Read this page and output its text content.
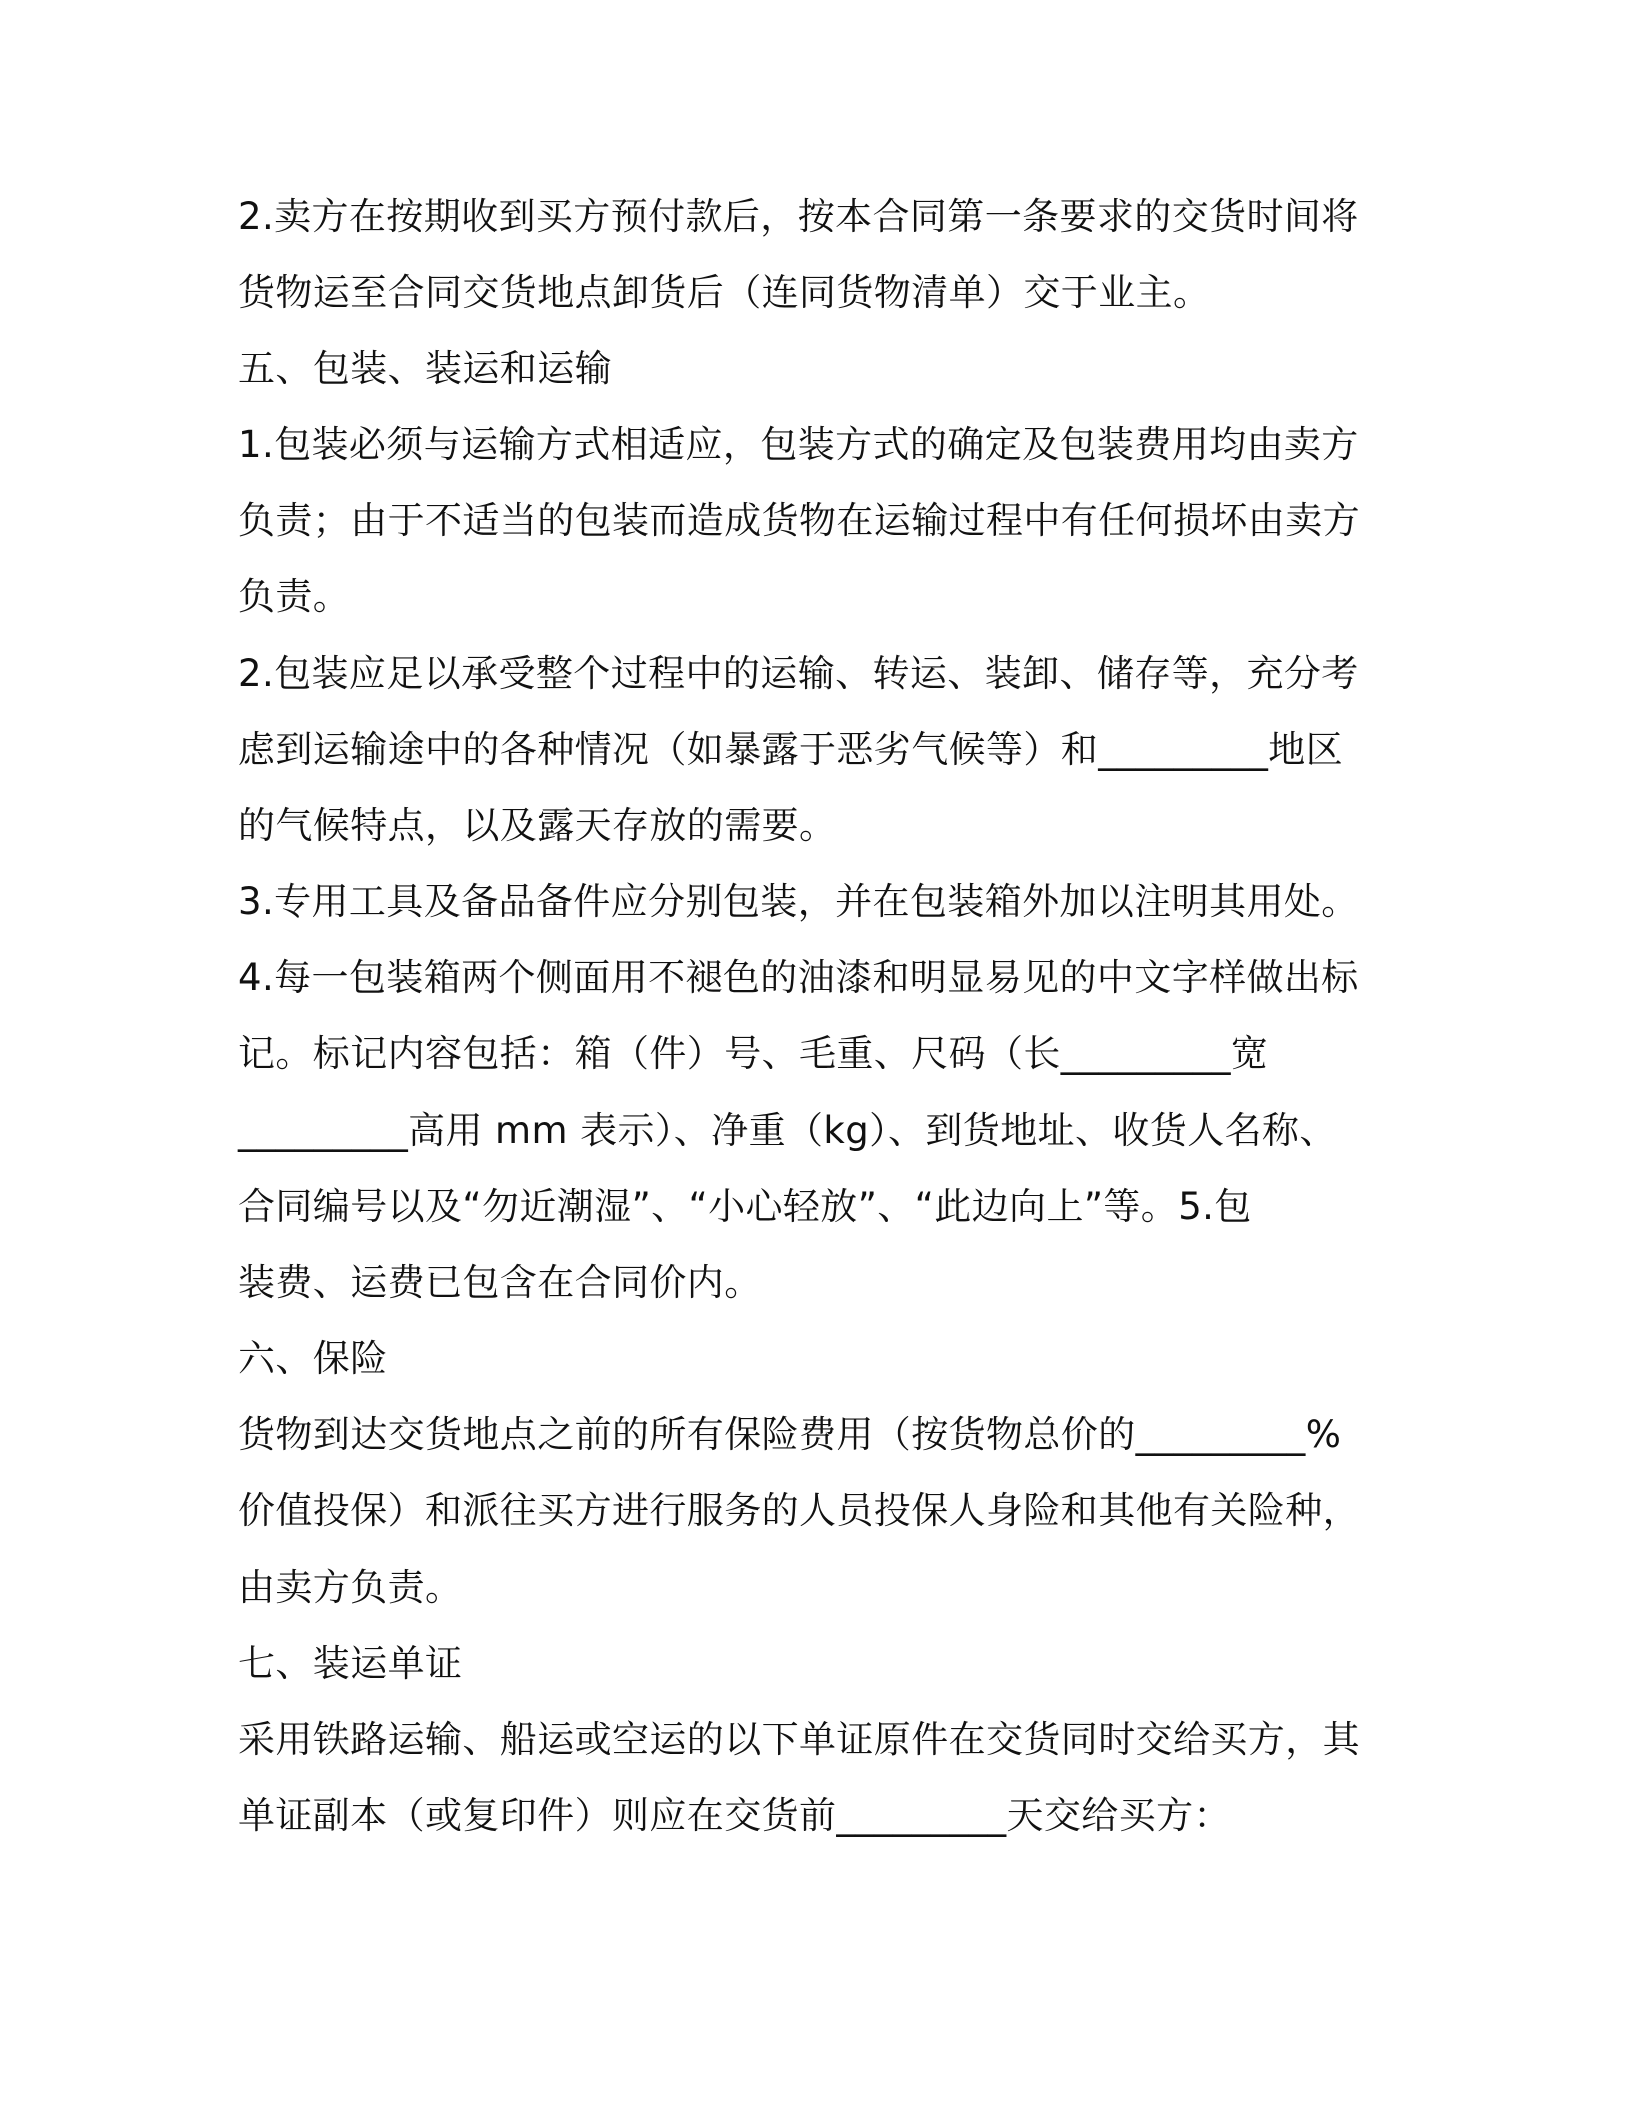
2.卖方在按期收到买方预付款后，按本合同第一条要求的交货时间将
货物运至合同交货地点卸货后（连同货物清单）交于业主。
五、包装、装运和运输
1.包装必须与运输方式相适应，包装方式的确定及包装费用均由卖方
负责；由于不适当的包装而造成货物在运输过程中有任何损坏由卖方
负责。
2.包装应足以承受整个过程中的运输、转运、装卸、储存等，充分考
虑到运输途中的各种情况（如暴露于恶劣气候等）和_________地区
的气候特点，以及露天存放的需要。
3.专用工具及备品备件应分别包装，并在包装箱外加以注明其用处。
4.每一包装箱两个侧面用不褪色的油漆和明显易见的中文字样做出标
记。标记内容包括：箱（件）号、毛重、尺码（长_________宽
_________高用 mm 表示）、净重（kg）、到货地址、收货人名称、
合同编号以及“勿近潮湿”、“小心轻放”、“此边向上”等。5.包
装费、运费已包含在合同价内。
六、保险
货物到达交货地点之前的所有保险费用（按货物总价的_________%
价值投保）和派往买方进行服务的人员投保人身险和其他有关险种，
由卖方负责。
七、装运单证
采用铁路运输、船运或空运的以下单证原件在交货同时交给买方，其
单证副本（或复印件）则应在交货前_________天交给买方：
